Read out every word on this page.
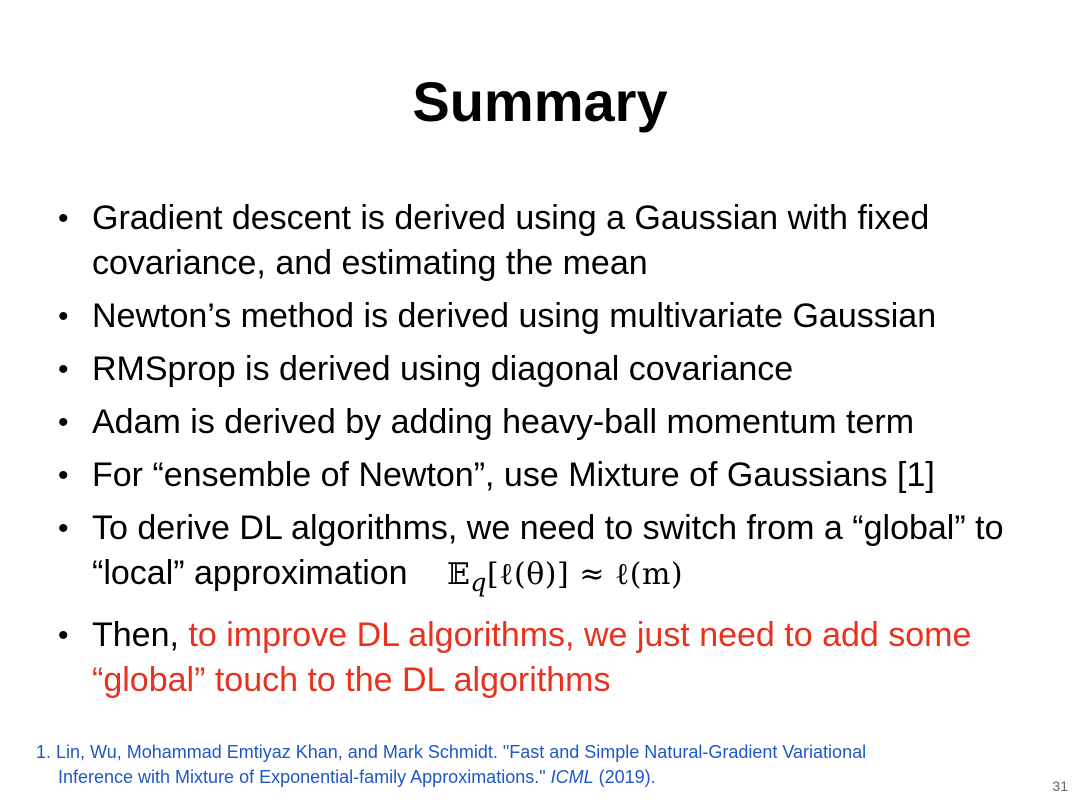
Summary
• Gradient descent is derived using a Gaussian with fixed covariance, and estimating the mean
• Newton’s method is derived using multivariate Gaussian
• RMSprop is derived using diagonal covariance
• Adam is derived by adding heavy-ball momentum term
• For “ensemble of Newton”, use Mixture of Gaussians [1]
• To derive DL algorithms, we need to switch from a “global” to “local” approximation 𝔼$_q$[ℓ(θ)] ≈ ℓ(m)
• Then, to improve DL algorithms, we just need to add some “global” touch to the DL algorithms
1. Lin, Wu, Mohammad Emtiyaz Khan, and Mark Schmidt. "Fast and Simple Natural-Gradient Variational
Inference with Mixture of Exponential-family Approximations." ICML (2019).	31
